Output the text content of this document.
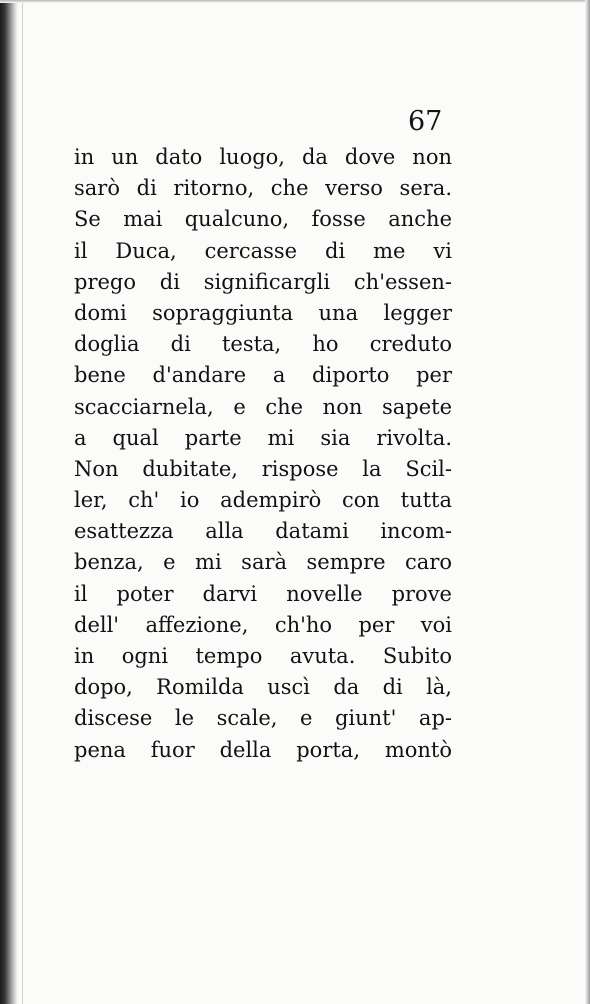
67
in un dato luogo, da dove non
sarò di ritorno, che verso sera.
Se mai qualcuno, fosse anche
il Duca, cercasse di me vi
prego di significargli ch'essen-
domi sopraggiunta una legger
doglia di testa, ho creduto
bene d'andare a diporto per
scacciarnela, e che non sapete
a qual parte mi sia rivolta.
Non dubitate, rispose la Scil-
ler, ch' io adempirò con tutta
esattezza alla datami incom-
benza, e mi sarà sempre caro
il poter darvi novelle prove
dell' affezione, ch'ho per voi
in ogni tempo avuta. Subito
dopo, Romilda uscì da di là,
discese le scale, e giunt' ap-
pena fuor della porta, montò
